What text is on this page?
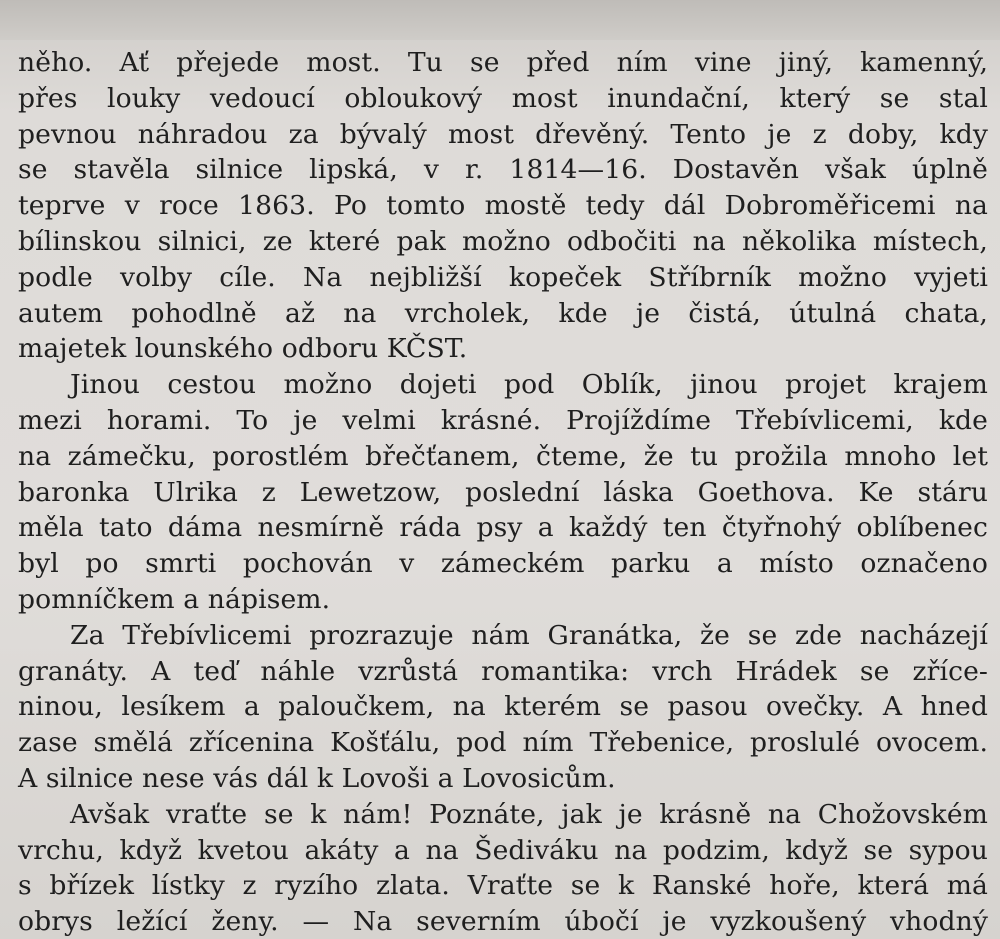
něho. Ať přejede most. Tu se před ním vine jiný, kamenný,
přes louky vedoucí obloukový most inundační, který se stal
pevnou náhradou za bývalý most dřevěný. Tento je z doby, kdy
se stavěla silnice lipská, v r. 1814—16. Dostavěn však úplně
teprve v roce 1863. Po tomto mostě tedy dál Dobroměřicemi na
bílinskou silnici, ze které pak možno odbočiti na několika místech,
podle volby cíle. Na nejbližší kopeček Stříbrník možno vyjeti
autem pohodlně až na vrcholek, kde je čistá, útulná chata,
majetek lounského odboru KČST.
Jinou cestou možno dojeti pod Oblík, jinou projet krajem
mezi horami. To je velmi krásné. Projíždíme Třebívlicemi, kde
na zámečku, porostlém břečťanem, čteme, že tu prožila mnoho let
baronka Ulrika z Lewetzow, poslední láska Goethova. Ke stáru
měla tato dáma nesmírně ráda psy a každý ten čtyřnohý oblíbenec
byl po smrti pochován v zámeckém parku a místo označeno
pomníčkem a nápisem.
Za Třebívlicemi prozrazuje nám Granátka, že se zde nacházejí
granáty. A teď náhle vzrůstá romantika: vrch Hrádek se zříce-
ninou, lesíkem a paloučkem, na kterém se pasou ovečky. A hned
zase smělá zřícenina Košťálu, pod ním Třebenice, proslulé ovocem.
A silnice nese vás dál k Lovoši a Lovosicům.
Avšak vraťte se k nám! Poznáte, jak je krásně na Chožovském
vrchu, když kvetou akáty a na Šediváku na podzim, když se sypou
s břízek lístky z ryzího zlata. Vraťte se k Ranské hoře, která má
obrys ležící ženy. — Na severním úbočí je vyzkoušený vhodný
